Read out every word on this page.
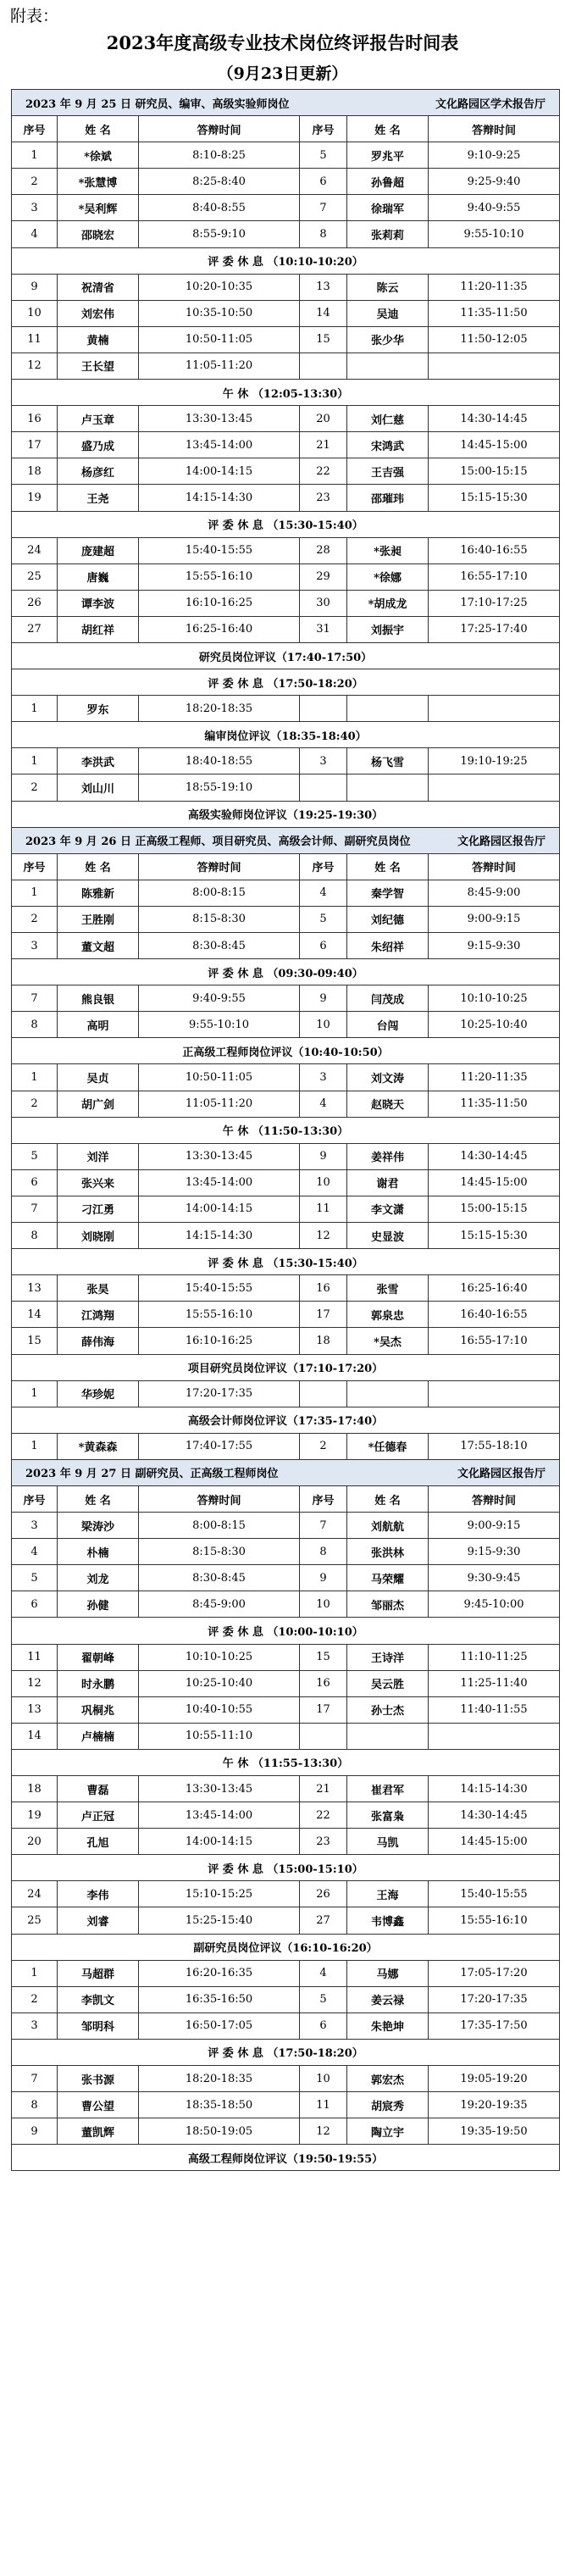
附表：
2023年度高级专业技术岗位终评报告时间表
（9月23日更新）
2023 年 9 月 25 日 研究员、编审、高级实验师岗位 文化路园区学术报告厅					

序号	姓 名	答辩时间	序号	姓 名	答辩时间
1	*徐斌	8:10-8:25	5	罗兆平	9:10-9:25
2	*张慧博	8:25-8:40	6	孙鲁超	9:25-9:40
3	*吴利辉	8:40-8:55	7	徐瑞军	9:40-9:55
4	邵晓宏	8:55-9:10	8	张莉莉	9:55-10:10
评 委 休 息 （10:10-10:20）					
9	祝清省	10:20-10:35	13	陈云	11:20-11:35
10	刘宏伟	10:35-10:50	14	吴迪	11:35-11:50
11	黄楠	10:50-11:05	15	张少华	11:50-12:05
12	王长望	11:05-11:20			
午 休 （12:05-13:30）					
16	卢玉章	13:30-13:45	20	刘仁慈	14:30-14:45
17	盛乃成	13:45-14:00	21	宋鸿武	14:45-15:00
18	杨彦红	14:00-14:15	22	王吉强	15:00-15:15
19	王尧	14:15-14:30	23	邵璀玮	15:15-15:30
评 委 休 息 （15:30-15:40）					
24	庞建超	15:40-15:55	28	*张昶	16:40-16:55
25	唐巍	15:55-16:10	29	*徐娜	16:55-17:10
26	谭李波	16:10-16:25	30	*胡成龙	17:10-17:25
27	胡红祥	16:25-16:40	31	刘振宇	17:25-17:40
研究员岗位评议（17:40-17:50）					
评 委 休 息 （17:50-18:20）					
1	罗东	18:20-18:35			
编审岗位评议（18:35-18:40）					
1	李洪武	18:40-18:55	3	杨飞雪	19:10-19:25
2	刘山川	18:55-19:10			
高级实验师岗位评议（19:25-19:30）					

2023 年 9 月 26 日 正高级工程师、项目研究员、高级会计师、副研究员岗位 文化路园区报告厅					

序号	姓 名	答辩时间	序号	姓 名	答辩时间
1	陈雅新	8:00-8:15	4	秦学智	8:45-9:00
2	王胜刚	8:15-8:30	5	刘纪德	9:00-9:15
3	董文超	8:30-8:45	6	朱绍祥	9:15-9:30
评 委 休 息 （09:30-09:40）					
7	熊良银	9:40-9:55	9	闫茂成	10:10-10:25
8	高明	9:55-10:10	10	台闯	10:25-10:40
正高级工程师岗位评议（10:40-10:50）					
1	吴贞	10:50-11:05	3	刘文涛	11:20-11:35
2	胡广剑	11:05-11:20	4	赵晓天	11:35-11:50
午 休 （11:50-13:30）					
5	刘洋	13:30-13:45	9	姜祥伟	14:30-14:45
6	张兴来	13:45-14:00	10	谢君	14:45-15:00
7	刁江勇	14:00-14:15	11	李文潇	15:00-15:15
8	刘晓刚	14:15-14:30	12	史显波	15:15-15:30
评 委 休 息 （15:30-15:40）					
13	张昊	15:40-15:55	16	张雪	16:25-16:40
14	江鸿翔	15:55-16:10	17	郭泉忠	16:40-16:55
15	薛伟海	16:10-16:25	18	*吴杰	16:55-17:10
项目研究员岗位评议（17:10-17:20）					
1	华珍妮	17:20-17:35			
高级会计师岗位评议（17:35-17:40）					
1	*黄森森	17:40-17:55	2	*任德春	17:55-18:10

2023 年 9 月 27 日 副研究员、正高级工程师岗位 文化路园区报告厅					

序号	姓 名	答辩时间	序号	姓 名	答辩时间
3	梁涛沙	8:00-8:15	7	刘航航	9:00-9:15
4	朴楠	8:15-8:30	8	张洪林	9:15-9:30
5	刘龙	8:30-8:45	9	马荣耀	9:30-9:45
6	孙健	8:45-9:00	10	邹丽杰	9:45-10:00
评 委 休 息 （10:00-10:10）					
11	翟朝峰	10:10-10:25	15	王诗洋	11:10-11:25
12	时永鹏	10:25-10:40	16	吴云胜	11:25-11:40
13	巩桐兆	10:40-10:55	17	孙士杰	11:40-11:55
14	卢楠楠	10:55-11:10			
午 休 （11:55-13:30）					
18	曹磊	13:30-13:45	21	崔君军	14:15-14:30
19	卢正冠	13:45-14:00	22	张富枭	14:30-14:45
20	孔旭	14:00-14:15	23	马凯	14:45-15:00
评 委 休 息 （15:00-15:10）					
24	李伟	15:10-15:25	26	王海	15:40-15:55
25	刘睿	15:25-15:40	27	韦博鑫	15:55-16:10
副研究员岗位评议（16:10-16:20）					
1	马超群	16:20-16:35	4	马娜	17:05-17:20
2	李凯文	16:35-16:50	5	姜云禄	17:20-17:35
3	邹明科	16:50-17:05	6	朱艳坤	17:35-17:50
评 委 休 息 （17:50-18:20）					
7	张书源	18:20-18:35	10	郭宏杰	19:05-19:20
8	曹公望	18:35-18:50	11	胡宸秀	19:20-19:35
9	董凯辉	18:50-19:05	12	陶立宇	19:35-19:50
高级工程师岗位评议（19:50-19:55）					
